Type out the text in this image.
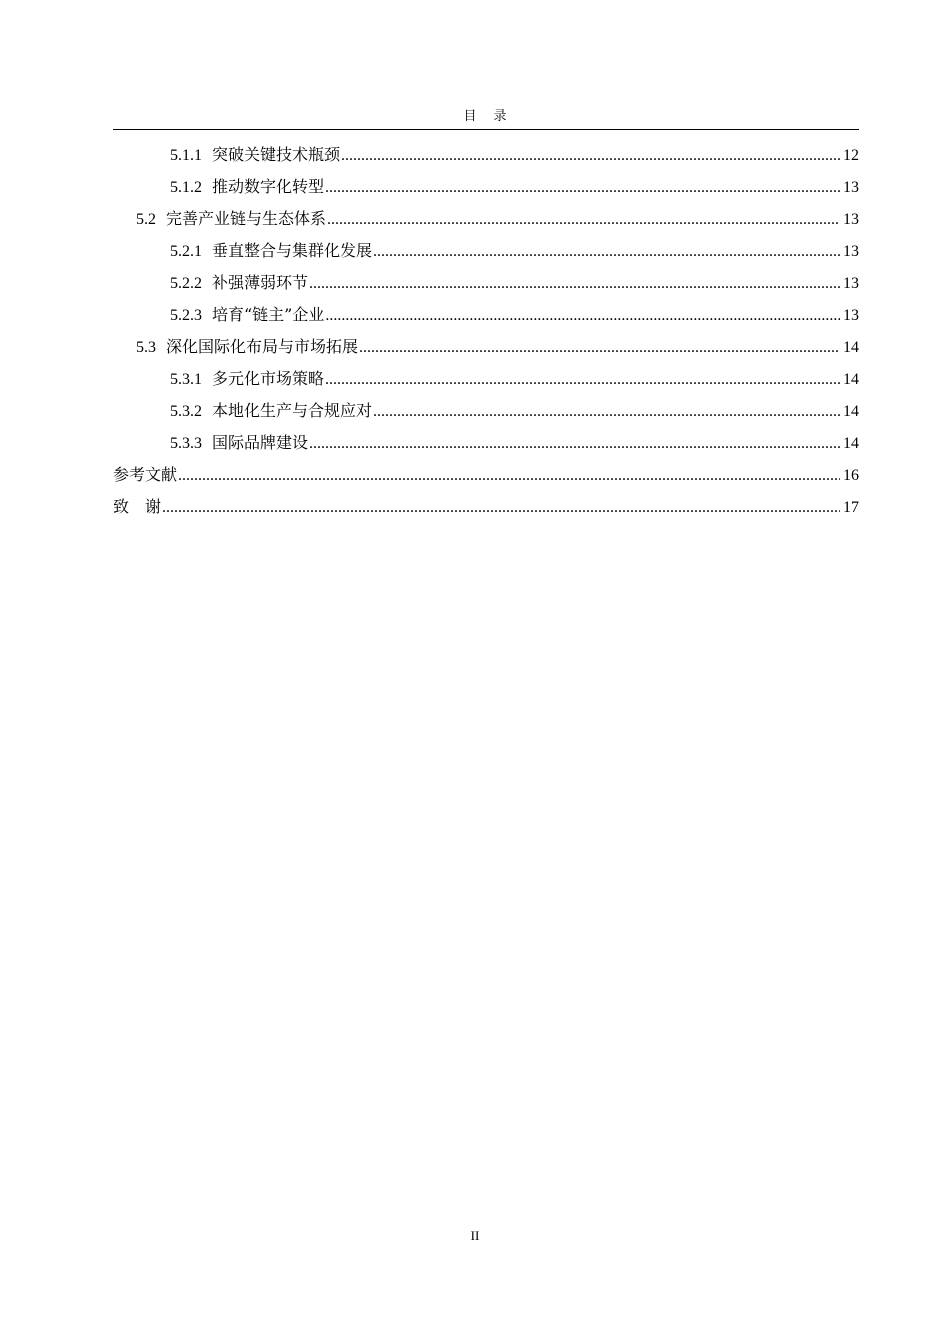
目　录
5.1.1 突破关键技术瓶颈 .....	12
5.1.2 推动数字化转型 .....	13
5.2 完善产业链与生态体系 .....	13
5.2.1 垂直整合与集群化发展 .....	13
5.2.2 补强薄弱环节 .....	13
5.2.3 培育“链主”企业 .....	13
5.3 深化国际化布局与市场拓展 .....	14
5.3.1 多元化市场策略 .....	14
5.3.2 本地化生产与合规应对 .....	14
5.3.3 国际品牌建设 .....	14
参考文献 .....	16
致　谢 .....	17
II
